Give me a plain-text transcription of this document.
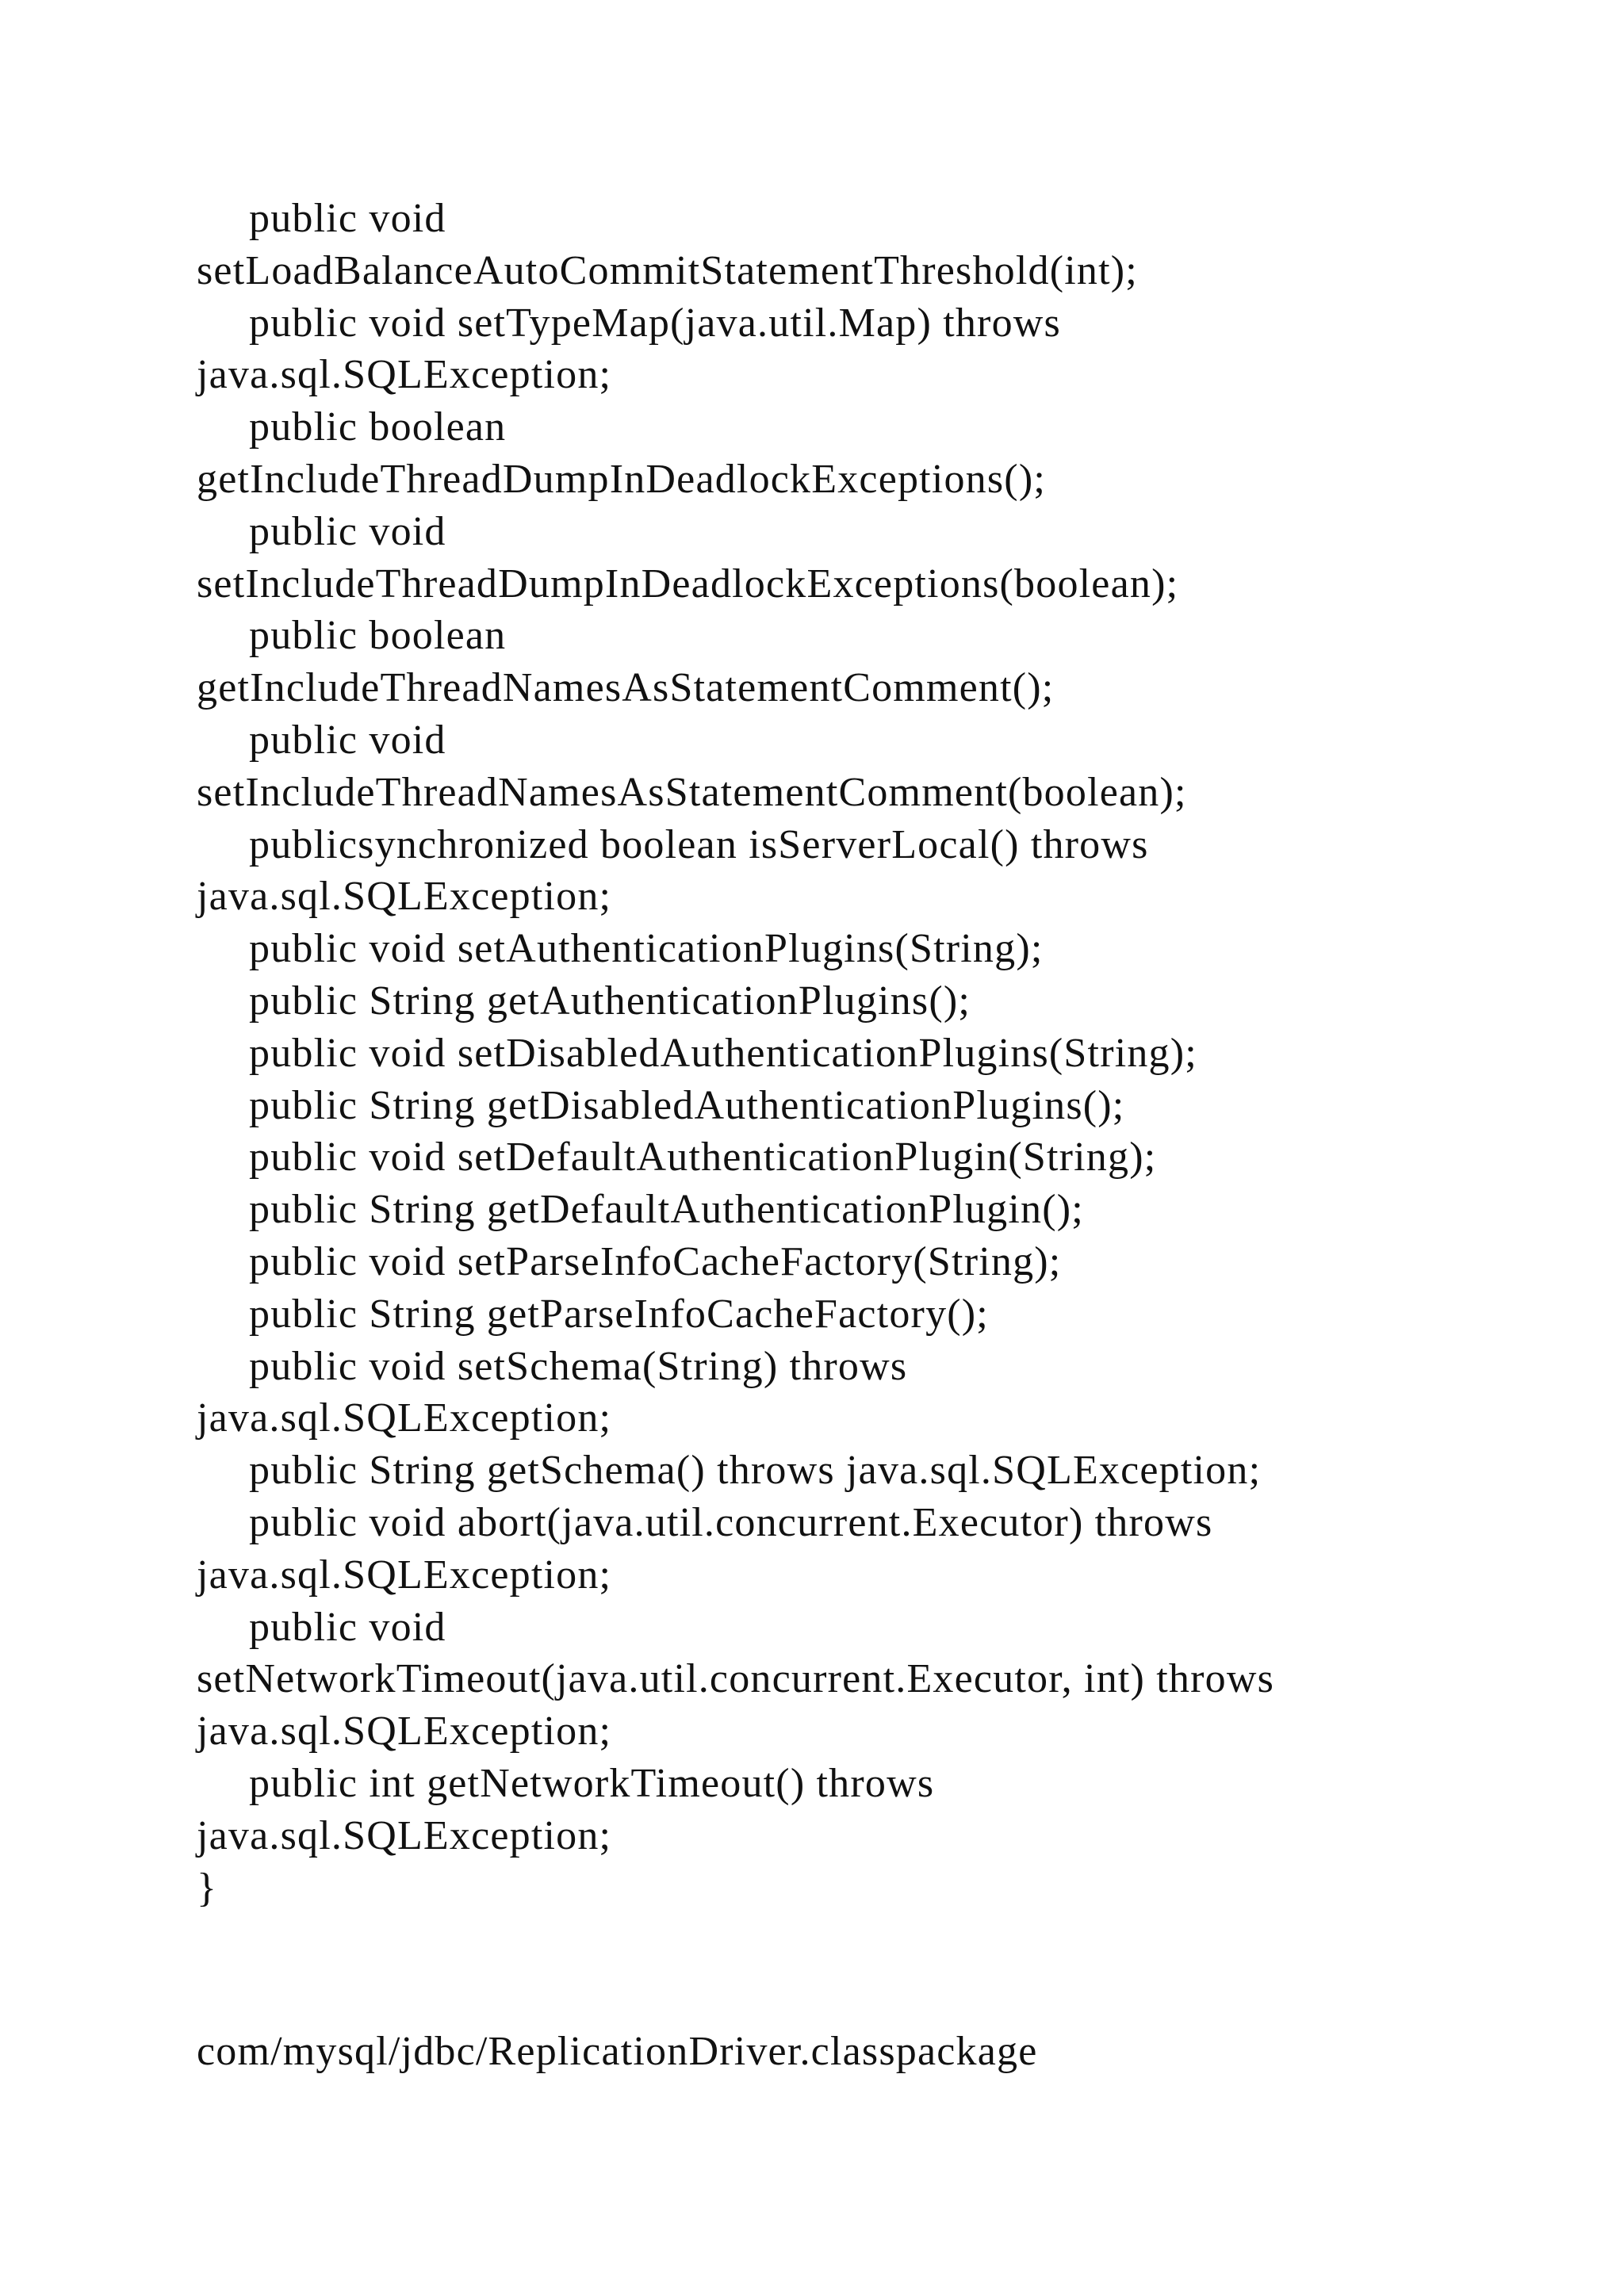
public void
setLoadBalanceAutoCommitStatementThreshold(int);
public void setTypeMap(java.util.Map) throws
java.sql.SQLException;
public boolean
getIncludeThreadDumpInDeadlockExceptions();
public void
setIncludeThreadDumpInDeadlockExceptions(boolean);
public boolean
getIncludeThreadNamesAsStatementComment();
public void
setIncludeThreadNamesAsStatementComment(boolean);
publicsynchronized boolean isServerLocal() throws
java.sql.SQLException;
public void setAuthenticationPlugins(String);
public String getAuthenticationPlugins();
public void setDisabledAuthenticationPlugins(String);
public String getDisabledAuthenticationPlugins();
public void setDefaultAuthenticationPlugin(String);
public String getDefaultAuthenticationPlugin();
public void setParseInfoCacheFactory(String);
public String getParseInfoCacheFactory();
public void setSchema(String) throws
java.sql.SQLException;
public String getSchema() throws java.sql.SQLException;
public void abort(java.util.concurrent.Executor) throws
java.sql.SQLException;
public void
setNetworkTimeout(java.util.concurrent.Executor, int) throws
java.sql.SQLException;
public int getNetworkTimeout() throws
java.sql.SQLException;
}
com/mysql/jdbc/ReplicationDriver.classpackage
